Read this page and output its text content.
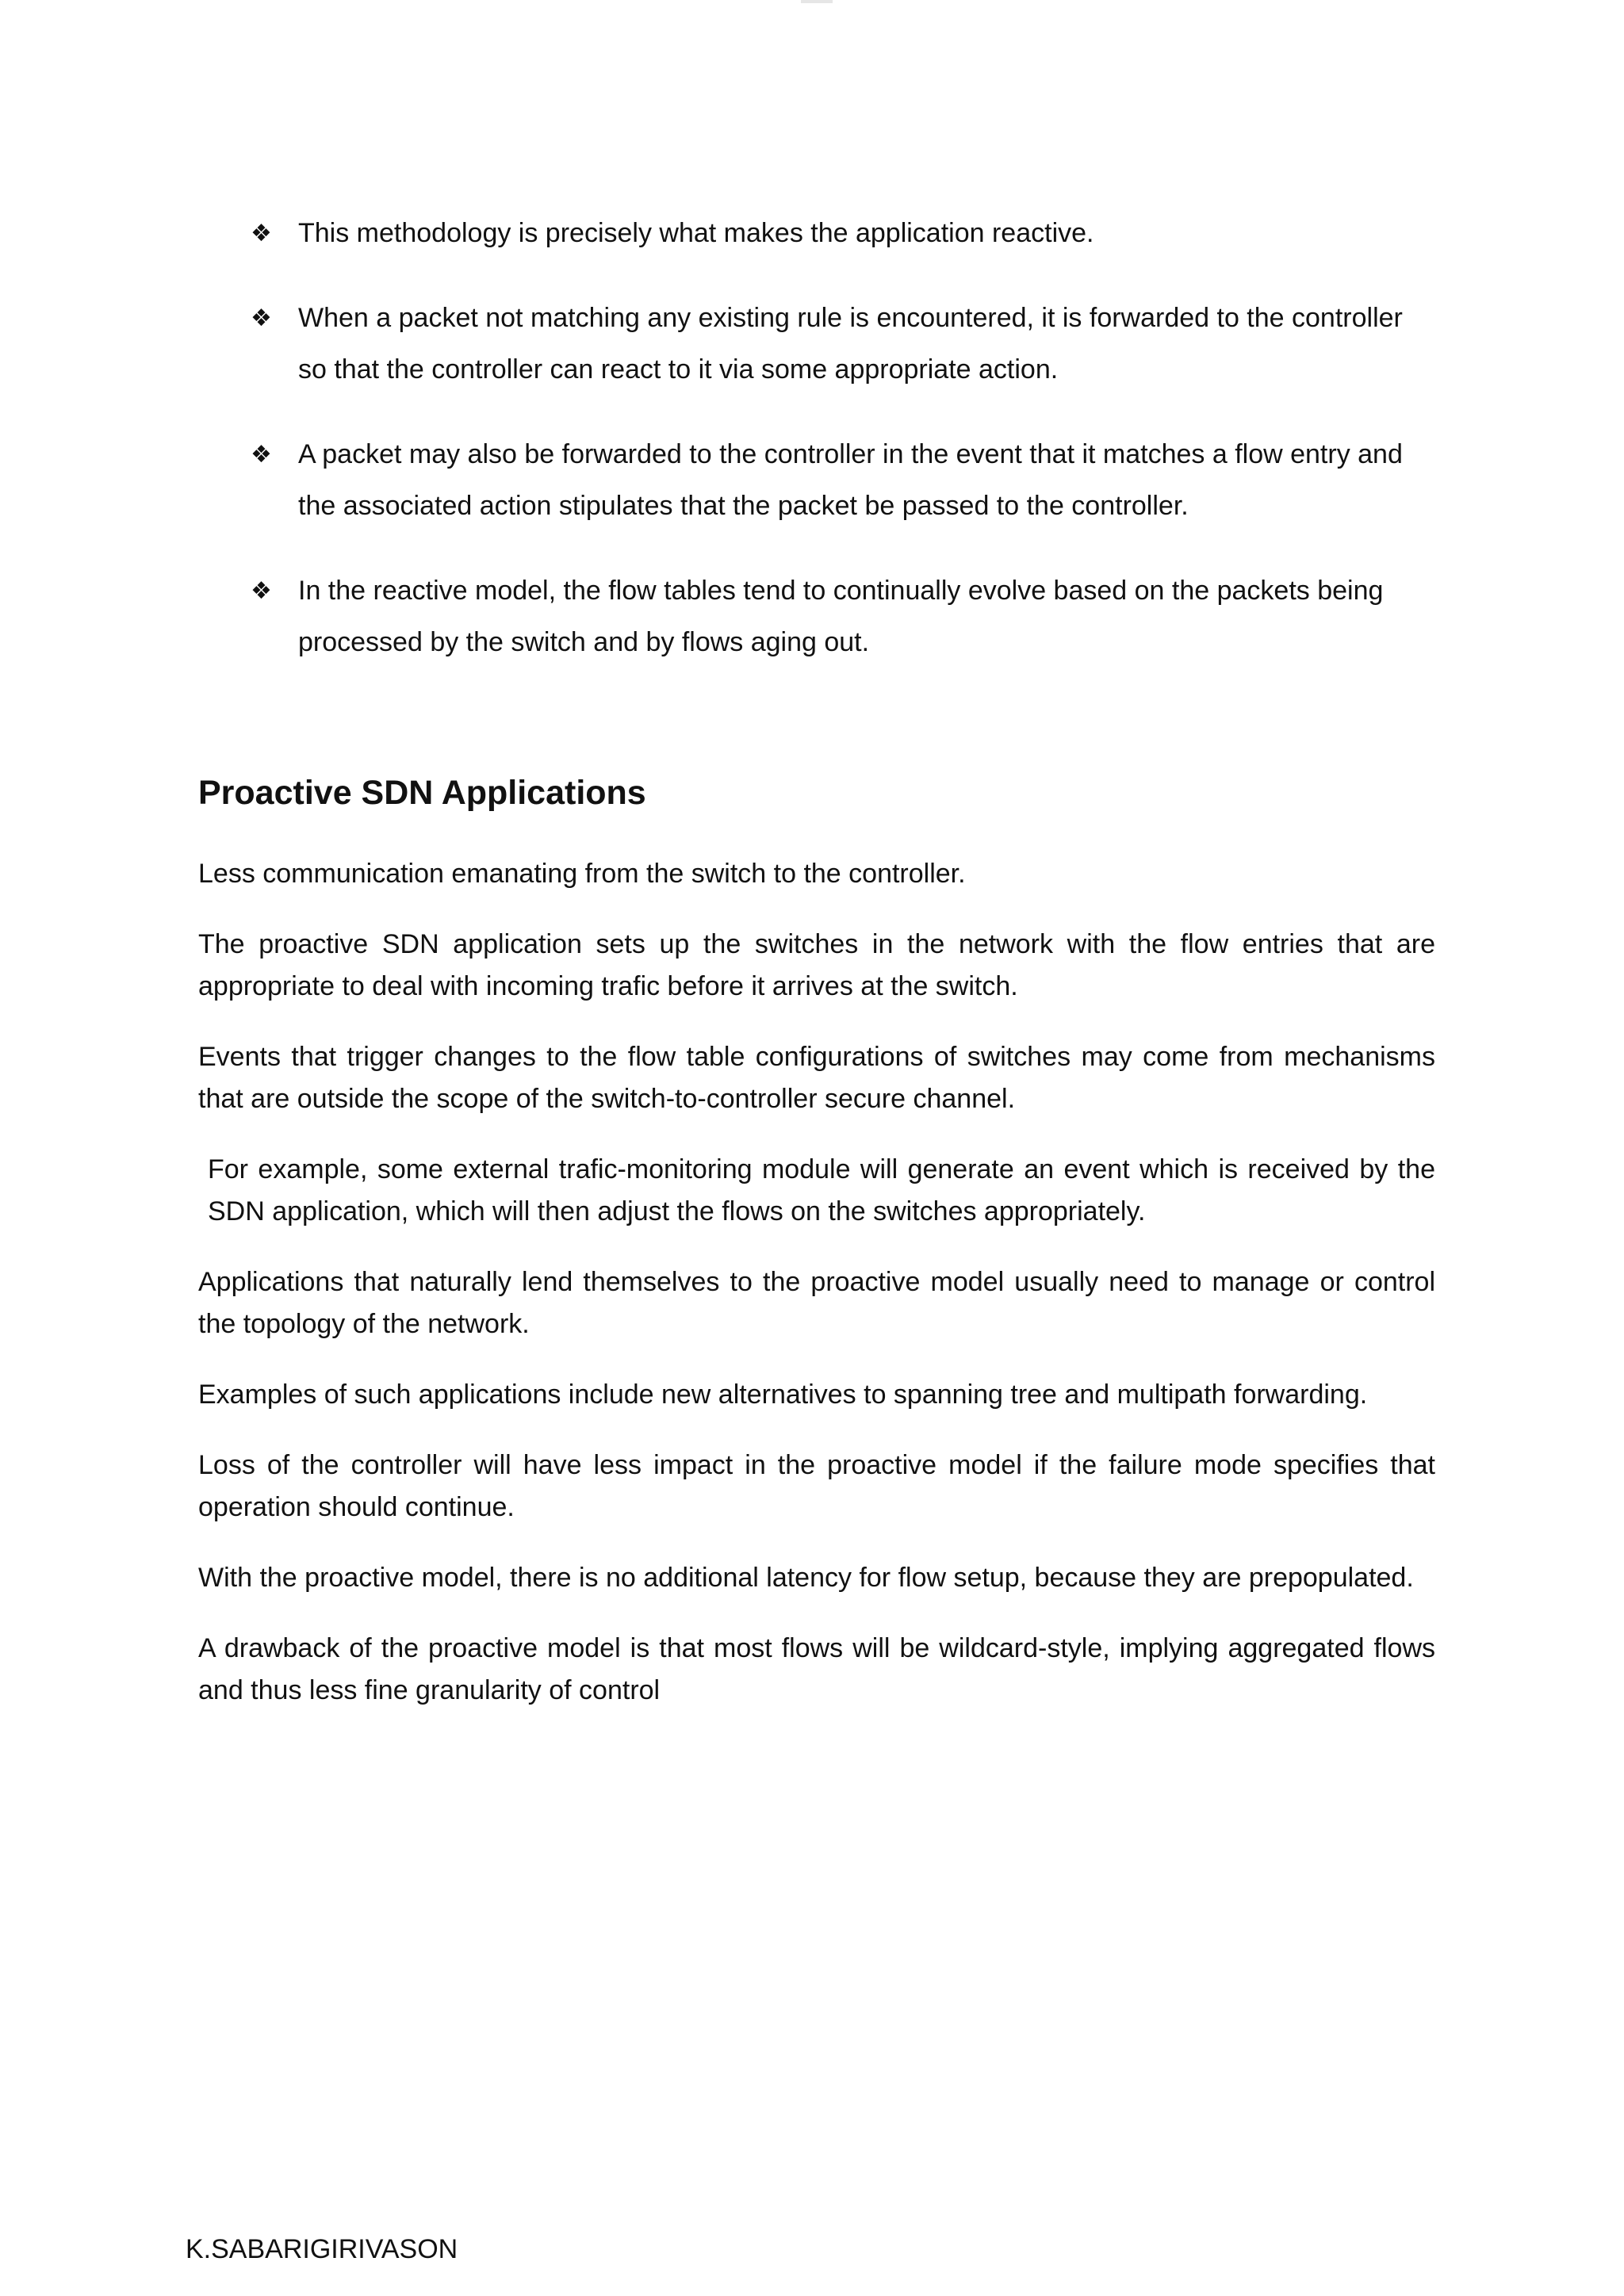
❖ This methodology is precisely what makes the application reactive.
❖ When a packet not matching any existing rule is encountered, it is forwarded to the controller so that the controller can react to it via some appropriate action.
❖ A packet may also be forwarded to the controller in the event that it matches a flow entry and the associated action stipulates that the packet be passed to the controller.
❖ In the reactive model, the flow tables tend to continually evolve based on the packets being processed by the switch and by flows aging out.
Proactive SDN Applications

Less communication emanating from the switch to the controller.

The proactive SDN application sets up the switches in the network with the flow entries that are appropriate to deal with incoming traﬁc before it arrives at the switch.

Events that trigger changes to the flow table configurations of switches may come from mechanisms that are outside the scope of the switch-to-controller secure channel.

For example, some external traﬁc-monitoring module will generate an event which is received by the SDN application, which will then adjust the flows on the switches appropriately.

Applications that naturally lend themselves to the proactive model usually need to manage or control the topology of the network.

Examples of such applications include new alternatives to spanning tree and multipath forwarding.

Loss of the controller will have less impact in the proactive model if the failure mode specifies that operation should continue.

With the proactive model, there is no additional latency for flow setup, because they are prepopulated.

A drawback of the proactive model is that most flows will be wildcard-style, implying aggregated flows and thus less fine granularity of control

K.SABARIGIRIVASON
